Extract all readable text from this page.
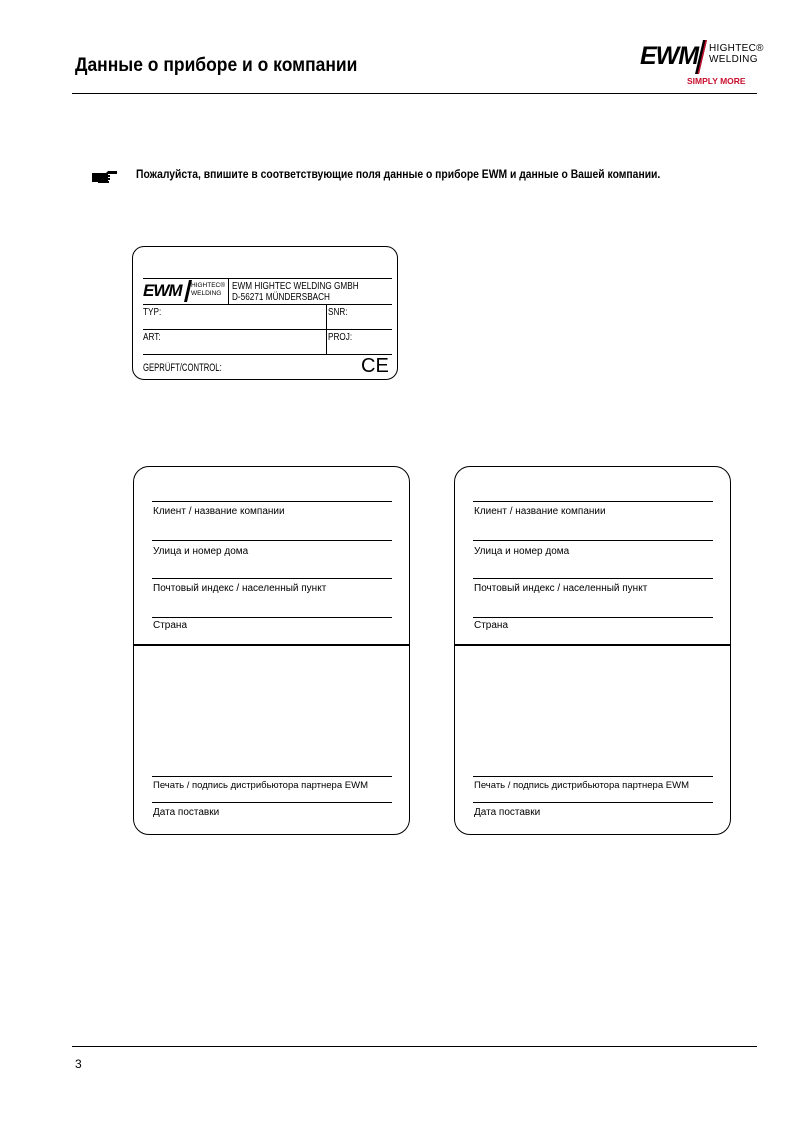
Данные о приборе и о компании	EWM HIGHTEC®
WELDING
SIMPLY MORE
Пожалуйста, впишите в соответствующие поля данные о приборе EWM и данные о Вашей компании.
EWM HIGHTEC®
WELDING
EWM HIGHTEC WELDING GMBH
D-56271 MÜNDERSBACH
TYP:	SNR:
ART:	PROJ:
GEPRÜFT/CONTROL:	CE
Клиент / название компании
Улица и номер дома
Почтовый индекс / населенный пункт
Страна
Печать / подпись дистрибьютора партнера EWM
Дата поставки
Клиент / название компании
Улица и номер дома
Почтовый индекс / населенный пункт
Страна
Печать / подпись дистрибьютора партнера EWM
Дата поставки
3
